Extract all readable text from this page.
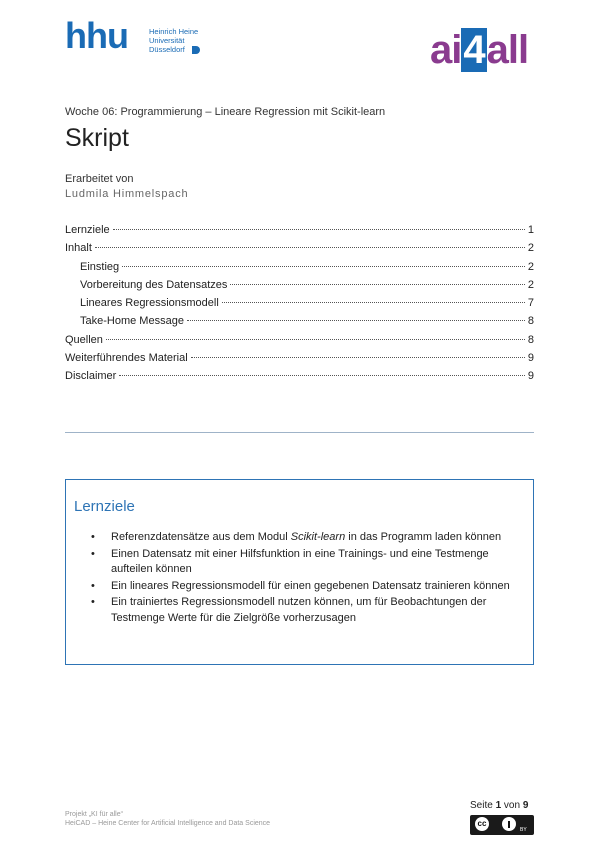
hhu	Heinrich Heine
Universität
Düsseldorf	ai4all
Woche 06: Programmierung – Lineare Regression mit Scikit-learn
Skript
Erarbeitet von
Ludmila Himmelspach
Lernziele	1
Inhalt	2
Einstieg	2
Vorbereitung des Datensatzes	2
Lineares Regressionsmodell	7
Take-Home Message	8
Quellen	8
Weiterführendes Material	9
Disclaimer	9
Lernziele
• Referenzdatensätze aus dem Modul Scikit-learn in das Programm laden können
• Einen Datensatz mit einer Hilfsfunktion in eine Trainings- und eine Testmenge aufteilen können
• Ein lineares Regressionsmodell für einen gegebenen Datensatz trainieren können
• Ein trainiertes Regressionsmodell nutzen können, um für Beobachtungen der Testmenge Werte für die Zielgröße vorherzusagen
Seite 1 von 9
cc
BY
Projekt „KI für alle“
HeiCAD – Heine Center for Artificial Intelligence and Data Science
